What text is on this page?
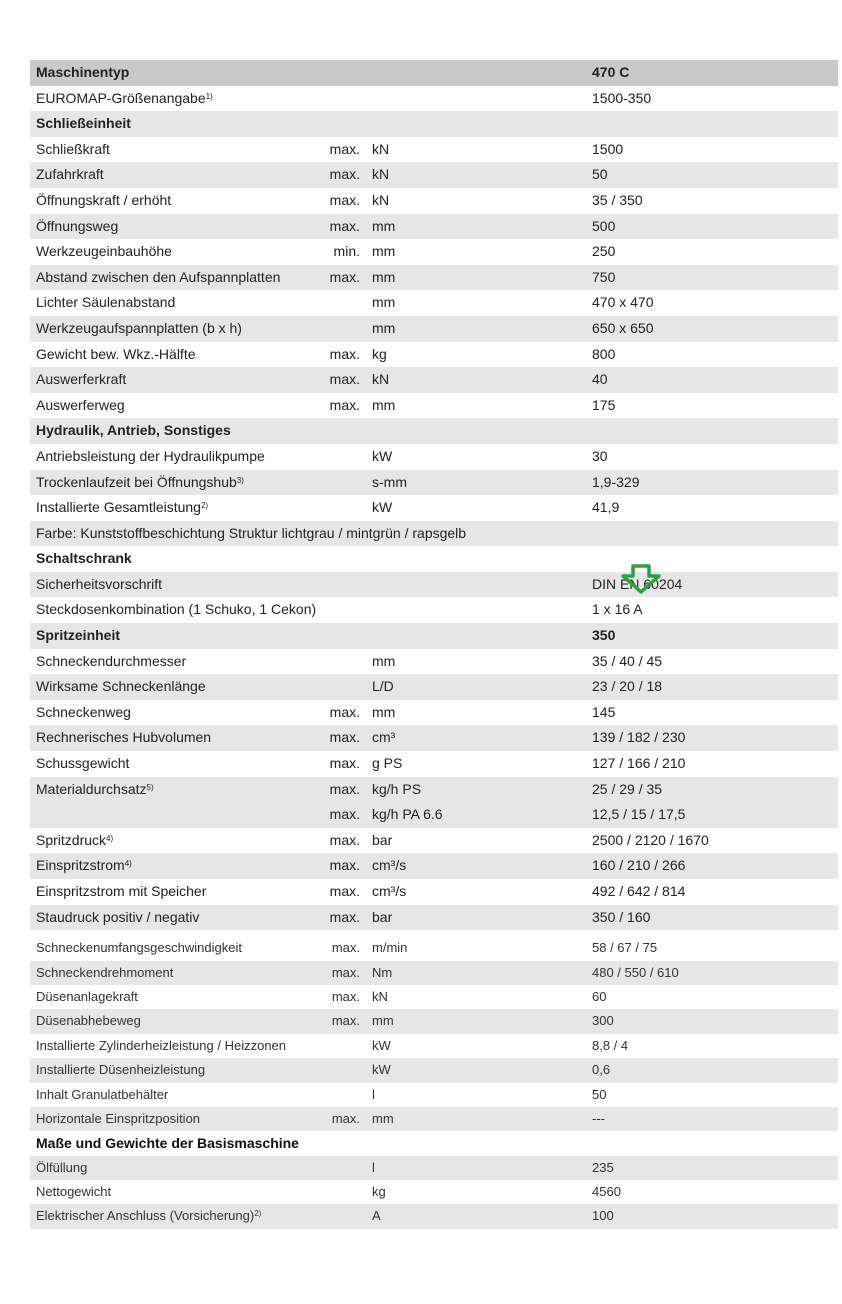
Maschinentyp	470 C
EUROMAP-Größenangabe$^{1)}$	1500-350
Schließeinheit
Schließkraft	max. kN	1500
Zufahrkraft	max. kN	50
Öffnungskraft / erhöht	max. kN	35 / 350
Öffnungsweg	max. mm	500
Werkzeugeinbauhöhe	min. mm	250
Abstand zwischen den Aufspannplatten	max. mm	750
Lichter Säulenabstand	mm	470 x 470
Werkzeugaufspannplatten (b x h)	mm	650 x 650
Gewicht bew. Wkz.-Hälfte	max. kg	800
Auswerferkraft	max. kN	40
Auswerferweg	max. mm	175
Hydraulik, Antrieb, Sonstiges
Antriebsleistung der Hydraulikpumpe	kW	30
Trockenlaufzeit bei Öffnungshub$^{3)}$	s-mm	1,9-329
Installierte Gesamtleistung$^{2)}$	kW	41,9
Farbe: Kunststoffbeschichtung Struktur lichtgrau / mintgrün / rapsgelb
Schaltschrank
Sicherheitsvorschrift	DIN EN 60204
Steckdosenkombination (1 Schuko, 1 Cekon)	1 x 16 A
Spritzeinheit	350
Schneckendurchmesser	mm	35 / 40 / 45
Wirksame Schneckenlänge	L/D	23 / 20 / 18
Schneckenweg	max. mm	145
Rechnerisches Hubvolumen	max. cm³	139 / 182 / 230
Schussgewicht	max. g PS	127 / 166 / 210
Materialdurchsatz$^{5)}$	max. kg/h PS	25 / 29 / 35
max. kg/h PA 6.6	12,5 / 15 / 17,5
Spritzdruck$^{4)}$	max. bar	2500 / 2120 / 1670
Einspritzstrom$^{4)}$	max. cm³/s	160 / 210 / 266
Einspritzstrom mit Speicher	max. cm³/s	492 / 642 / 814
Staudruck positiv / negativ	max. bar	350 / 160
Schneckenumfangsgeschwindigkeit	max. m/min	58 / 67 / 75
Schneckendrehmoment	max. Nm	480 / 550 / 610
Düsenanlagekraft	max. kN	60
Düsenabhebeweg	max. mm	300
Installierte Zylinderheizleistung / Heizzonen	kW	8,8 / 4
Installierte Düsenheizleistung	kW	0,6
Inhalt Granulatbehälter	l	50
Horizontale Einspritzposition	max. mm	---
Maße und Gewichte der Basismaschine
Ölfüllung	l	235
Nettogewicht	kg	4560
Elektrischer Anschluss (Vorsicherung)$^{2)}$	A	100
